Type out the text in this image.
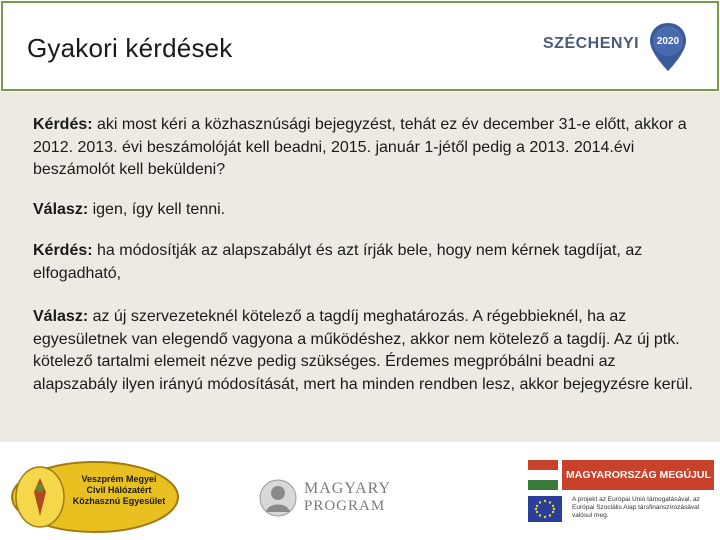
Gyakori kérdések	SZÉCHENYI	2020

Kérdés: aki most kéri a közhasznúsági bejegyzést, tehát ez év december 31-e előtt, akkor a 2012. 2013. évi beszámolóját kell beadni, 2015. január 1-jétől pedig a 2013. 2014.évi beszámolót kell beküldeni?

Válasz: igen, így kell tenni.

Kérdés: ha módosítják az alapszabályt és azt írják bele, hogy nem kérnek tagdíjat, az elfogadható,

Válasz: az új szervezeteknél kötelező a tagdíj meghatározás. A régebbieknél, ha az egyesületnek van elegendő vagyona a működéshez, akkor nem kötelező a tagdíj. Az új ptk. kötelező tartalmi elemeit nézve pedig szükséges. Érdemes megpróbálni beadni az alapszabály ilyen irányú módosítását, mert ha minden rendben lesz, akkor bejegyzésre kerül.

Veszprém Megyei
Civil Hálózatért
Közhasznú Egyesület
MAGYARY
PROGRAM
MAGYARORSZÁG MEGÚJUL
A projekt az Európai Unió támogatásával, az Európai Szociális Alap társfinanszírozásával valósul meg.
